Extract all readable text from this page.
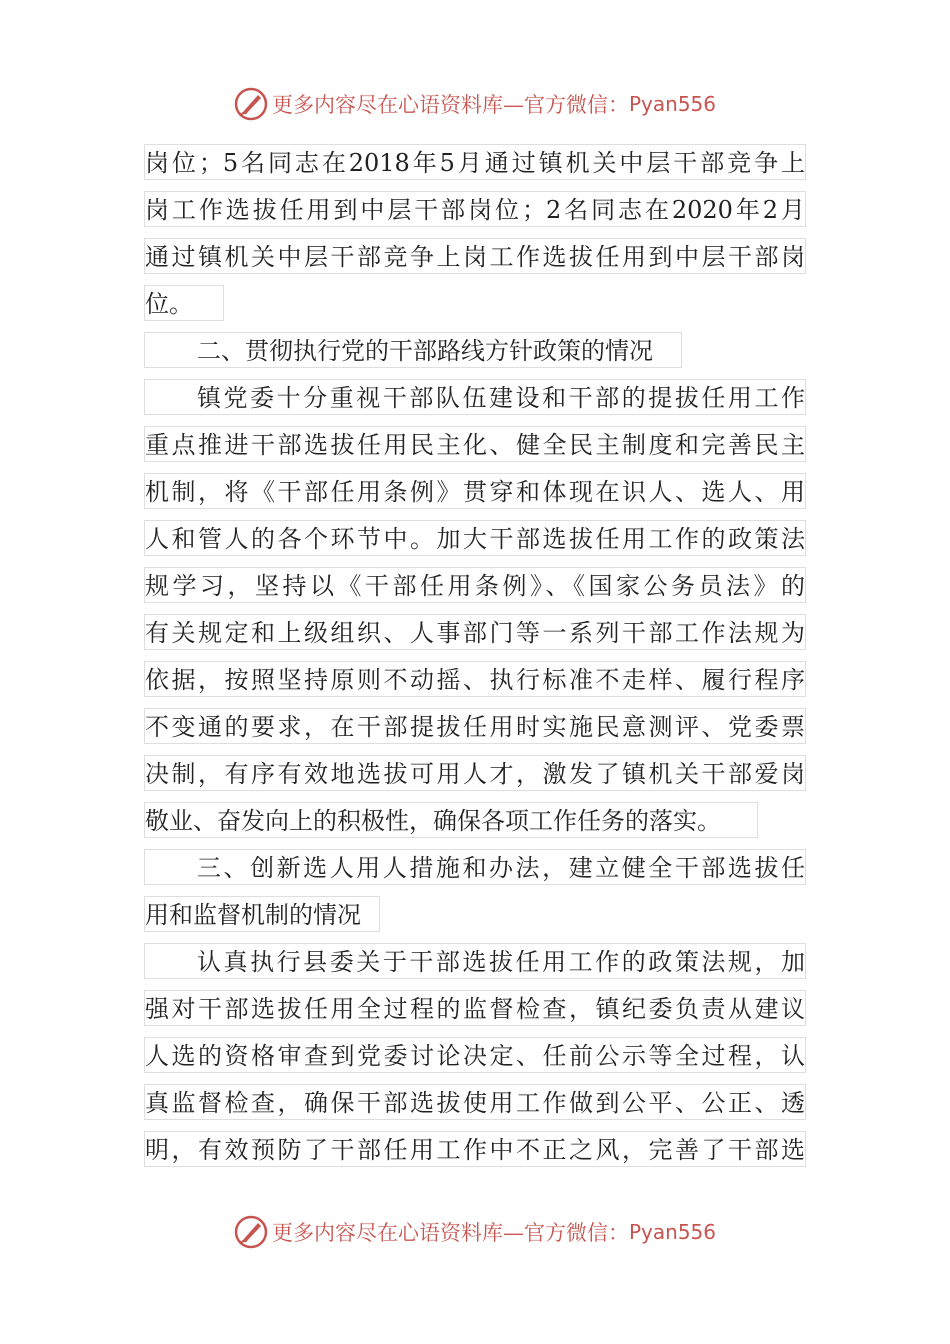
更多内容尽在心语资料库—官方微信： Pyan556
岗位；5名同志在2018年5月通过镇机关中层干部竞争上
岗工作选拔任用到中层干部岗位；2名同志在2020年2月
通过镇机关中层干部竞争上岗工作选拔任用到中层干部岗
位。
二、贯彻执行党的干部路线方针政策的情况
镇党委十分重视干部队伍建设和干部的提拔任用工作
重点推进干部选拔任用民主化、健全民主制度和完善民主
机制，将《干部任用条例》贯穿和体现在识人、选人、用
人和管人的各个环节中。加大干部选拔任用工作的政策法
规学习，坚持以《干部任用条例》、《国家公务员法》的
有关规定和上级组织、人事部门等一系列干部工作法规为
依据，按照坚持原则不动摇、执行标准不走样、履行程序
不变通的要求，在干部提拔任用时实施民意测评、党委票
决制，有序有效地选拔可用人才，激发了镇机关干部爱岗
敬业、奋发向上的积极性，确保各项工作任务的落实。
三、创新选人用人措施和办法，建立健全干部选拔任
用和监督机制的情况
认真执行县委关于干部选拔任用工作的政策法规，加
强对干部选拔任用全过程的监督检查，镇纪委负责从建议
人选的资格审查到党委讨论决定、任前公示等全过程，认
真监督检查，确保干部选拔使用工作做到公平、公正、透
明，有效预防了干部任用工作中不正之风，完善了干部选
更多内容尽在心语资料库—官方微信： Pyan556
